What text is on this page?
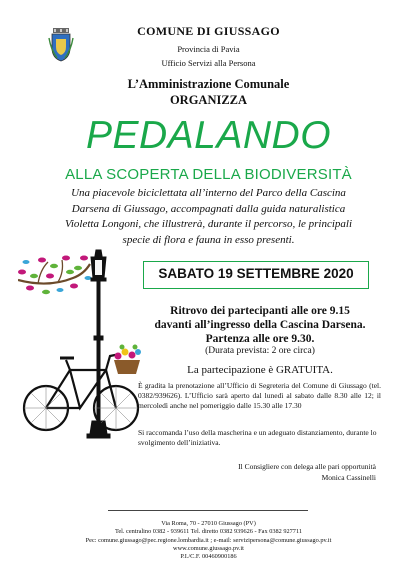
COMUNE DI GIUSSAGO
Provincia di Pavia
Ufficio Servizi alla Persona
L’Amministrazione Comunale
ORGANIZZA
PEDALANDO
ALLA SCOPERTA DELLA BIODIVERSITÀ
Una piacevole biciclettata all’interno del Parco della Cascina
Darsena di Giussago, accompagnati dalla guida naturalistica
Violetta Longoni, che illustrerà, durante il percorso, le principali
specie di flora e fauna in esso presenti.
SABATO 19 SETTEMBRE 2020
Ritrovo dei partecipanti alle ore 9.15
davanti all’ingresso della Cascina Darsena.
Partenza alle ore 9.30.
(Durata prevista: 2 ore circa)
La partecipazione è GRATUITA.
È gradita la prenotazione all’Ufficio di Segreteria del Comune di Giussago (tel. 0382/939626). L’Ufficio sarà aperto dal lunedì al sabato dalle 8.30 alle 12; il mercoledì anche nel pomeriggio dalle 15.30 alle 17.30
Si raccomanda l’uso della mascherina e un adeguato distanziamento, durante lo svolgimento dell’iniziativa.
Il Consigliere con delega alle pari opportunità
Monica Cassinelli
Via Roma, 70 - 27010 Giussago (PV)
Tel. centralino 0382 - 939611 Tel. diretto 0382 939626 - Fax 0382 927711
Pec: comune.giussago@pec.regione.lombardia.it ; e-mail: servizipersona@comune.giussago.pv.it
www.comune.giussago.pv.it
P.I./C.F. 00460900186
